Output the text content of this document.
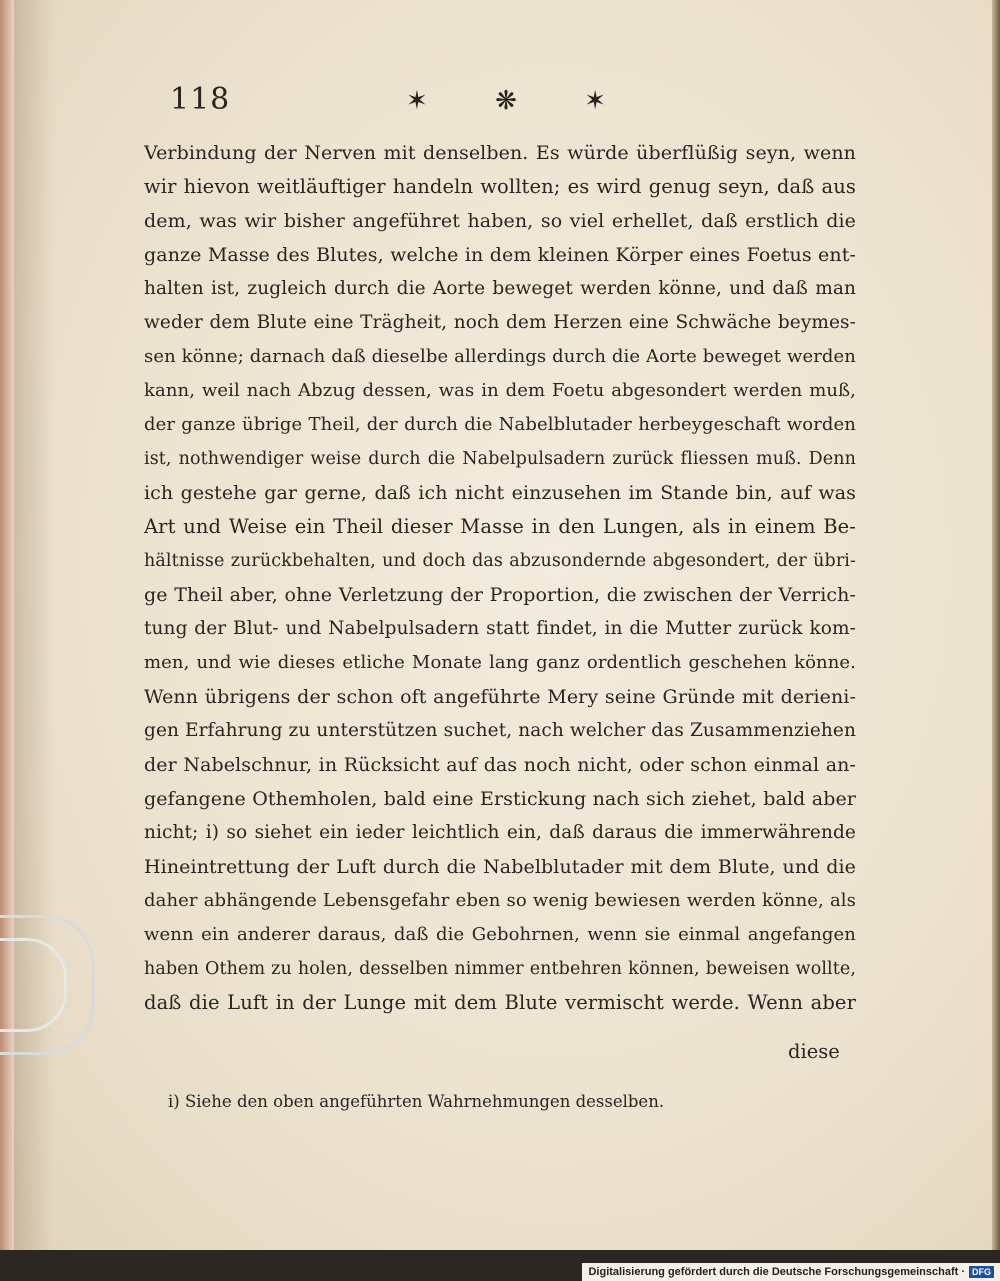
118	✶	❋	✶
Verbindung der Nerven mit denselben. Es würde überflüßig seyn, wenn
wir hievon weitläuftiger handeln wollten; es wird genug seyn, daß aus
dem, was wir bisher angeführet haben, so viel erhellet, daß erstlich die
ganze Masse des Blutes, welche in dem kleinen Körper eines Foetus ent-
halten ist, zugleich durch die Aorte beweget werden könne, und daß man
weder dem Blute eine Trägheit, noch dem Herzen eine Schwäche beymes-
sen könne; darnach daß dieselbe allerdings durch die Aorte beweget werden
kann, weil nach Abzug dessen, was in dem Foetu abgesondert werden muß,
der ganze übrige Theil, der durch die Nabelblutader herbeygeschaft worden
ist, nothwendiger weise durch die Nabelpulsadern zurück fliessen muß. Denn
ich gestehe gar gerne, daß ich nicht einzusehen im Stande bin, auf was
Art und Weise ein Theil dieser Masse in den Lungen, als in einem Be-
hältnisse zurückbehalten, und doch das abzusondernde abgesondert, der übri-
ge Theil aber, ohne Verletzung der Proportion, die zwischen der Verrich-
tung der Blut- und Nabelpulsadern statt findet, in die Mutter zurück kom-
men, und wie dieses etliche Monate lang ganz ordentlich geschehen könne.
Wenn übrigens der schon oft angeführte Mery seine Gründe mit derieni-
gen Erfahrung zu unterstützen suchet, nach welcher das Zusammenziehen
der Nabelschnur, in Rücksicht auf das noch nicht, oder schon einmal an-
gefangene Othemholen, bald eine Erstickung nach sich ziehet, bald aber
nicht; i) so siehet ein ieder leichtlich ein, daß daraus die immerwährende
Hineintrettung der Luft durch die Nabelblutader mit dem Blute, und die
daher abhängende Lebensgefahr eben so wenig bewiesen werden könne, als
wenn ein anderer daraus, daß die Gebohrnen, wenn sie einmal angefangen
haben Othem zu holen, desselben nimmer entbehren können, beweisen wollte,
daß die Luft in der Lunge mit dem Blute vermischt werde. Wenn aber
diese
i) Siehe den oben angeführten Wahrnehmungen desselben.
Digitalisierung gefördert durch die Deutsche Forschungsgemeinschaft · DFG
